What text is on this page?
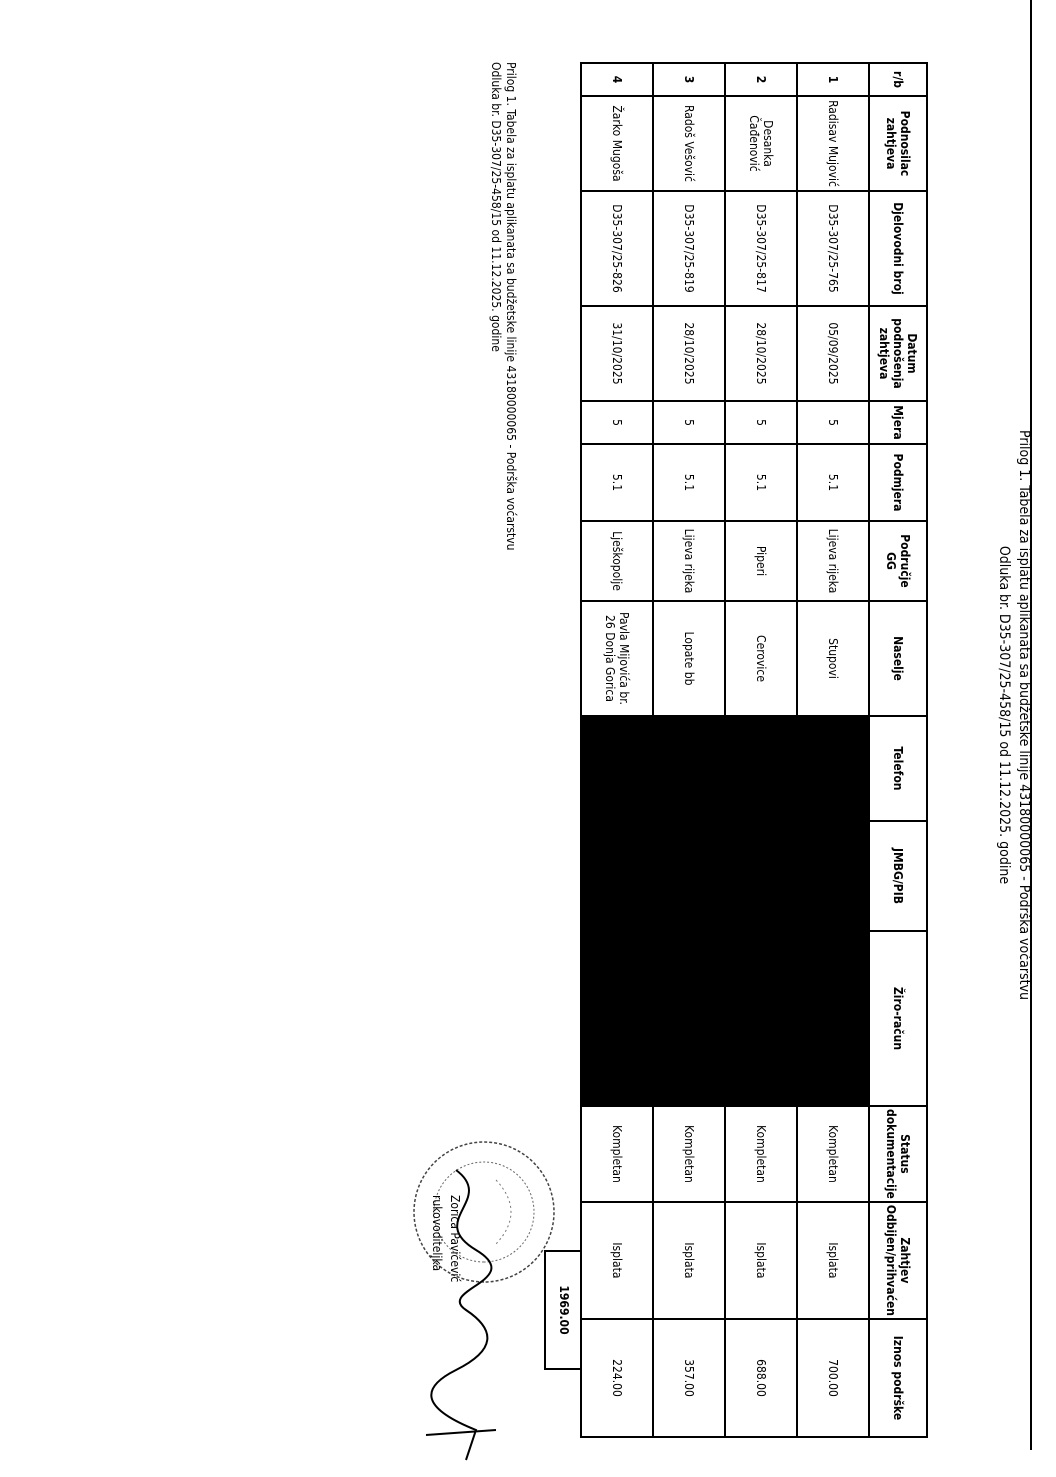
Prilog 1. Tabela za isplatu aplikanata sa budžetske linije 43180000065 - Podrška voćarstvu
Odluka br. D35-307/25-458/15 od 11.12.2025. godine
r/b	Podnosilac zahtjeva	Djelovodni broj	Datum podnošenja zahtjeva	Mjera	Podmjera	Područje GG	Naselje	Telefon	JMBG/PIB	Žiro-račun	Status dokumentacije	Zahtjev Odbijen/prihvaćen	Iznos podrške
1	Radisav Mujović	D35-307/25-765	05/09/2025	5	5.1	Lijeva rijeka	Stupovi				Kompletan	Isplata	700.00
2	Desanka Čađenović	D35-307/25-817	28/10/2025	5	5.1	Piperi	Cerovice				Kompletan	Isplata	688.00
3	Radoš Vešović	D35-307/25-819	28/10/2025	5	5.1	Lijeva rijeka	Lopate bb				Kompletan	Isplata	357.00
4	Žarko Mugoša	D35-307/25-826	31/10/2025	5	5.1	Lješkopolje	Pavla Mijovića br. 26 Donja Gorica				Kompletan	Isplata	224.00
1969.00
Prilog 1. Tabela za isplatu aplikanata sa budžetske linije 43180000065 - Podrška voćarstvu
Odluka br. D35-307/25-458/15 od 11.12.2025. godine
Zorica Pavićević
rukovoditeljka
